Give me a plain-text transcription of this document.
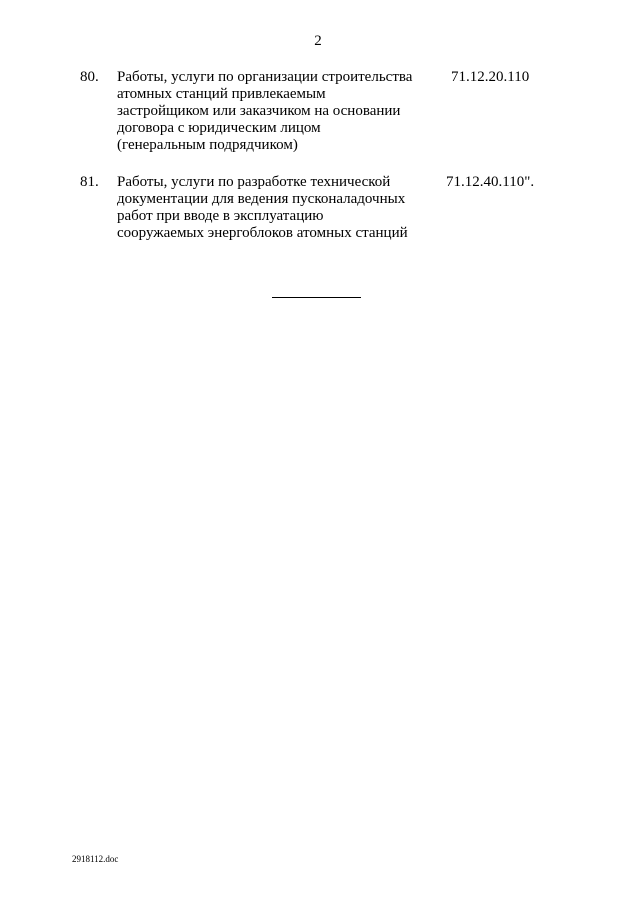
2
80. Работы, услуги по организации строительства
атомных станций привлекаемым
застройщиком или заказчиком на основании
договора с юридическим лицом
(генеральным подрядчиком)
71.12.20.110
81. Работы, услуги по разработке технической
документации для ведения пусконаладочных
работ при вводе в эксплуатацию
сооружаемых энергоблоков атомных станций
71.12.40.110".
2918112.doc
